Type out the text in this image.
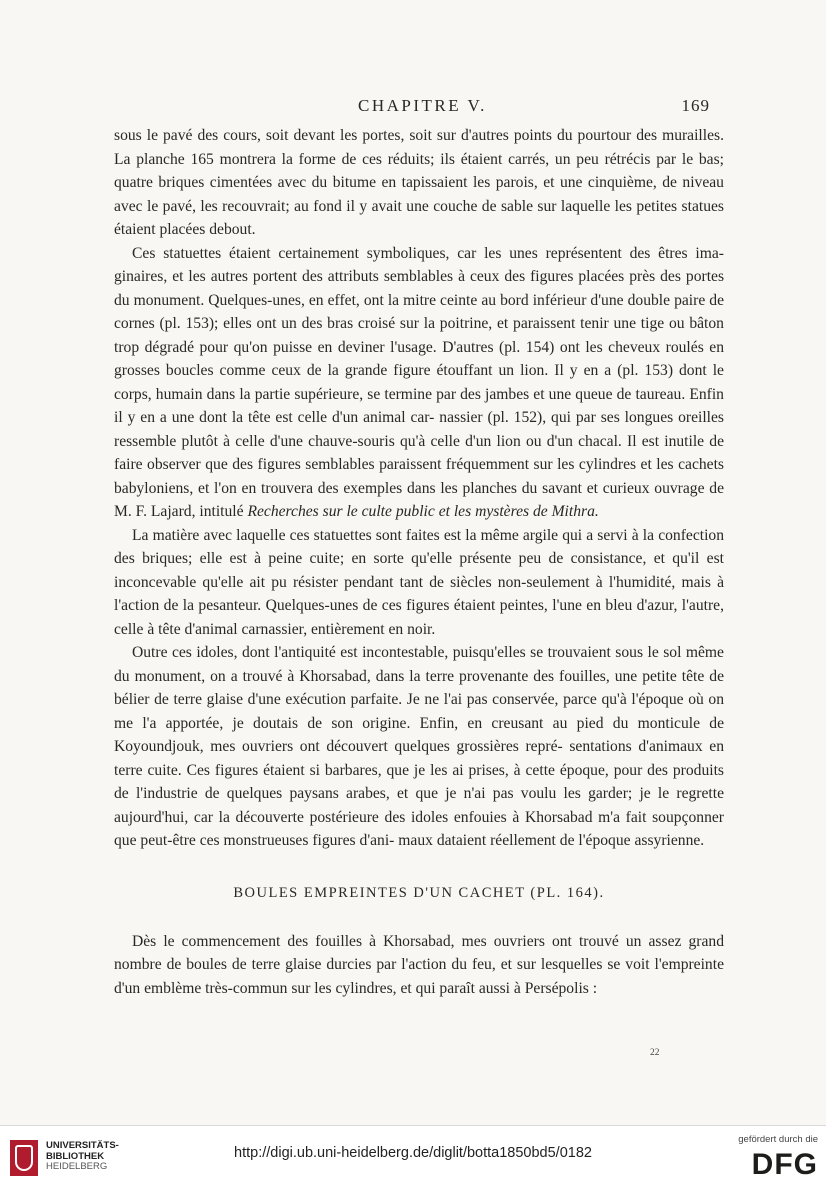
CHAPITRE V.	169

sous le pavé des cours, soit devant les portes, soit sur d'autres points du pourtour des murailles. La planche 165 montrera la forme de ces réduits; ils étaient carrés, un peu rétrécis par le bas; quatre briques cimentées avec du bitume en tapissaient les parois, et une cinquième, de niveau avec le pavé, les recouvrait; au fond il y avait une couche de sable sur laquelle les petites statues étaient placées debout.

Ces statuettes étaient certainement symboliques, car les unes représentent des êtres ima- ginaires, et les autres portent des attributs semblables à ceux des figures placées près des portes du monument. Quelques-unes, en effet, ont la mitre ceinte au bord inférieur d'une double paire de cornes (pl. 153); elles ont un des bras croisé sur la poitrine, et paraissent tenir une tige ou bâton trop dégradé pour qu'on puisse en deviner l'usage. D'autres (pl. 154) ont les cheveux roulés en grosses boucles comme ceux de la grande figure étouffant un lion. Il y en a (pl. 153) dont le corps, humain dans la partie supérieure, se termine par des jambes et une queue de taureau. Enfin il y en a une dont la tête est celle d'un animal car- nassier (pl. 152), qui par ses longues oreilles ressemble plutôt à celle d'une chauve-souris qu'à celle d'un lion ou d'un chacal. Il est inutile de faire observer que des figures semblables paraissent fréquemment sur les cylindres et les cachets babyloniens, et l'on en trouvera des exemples dans les planches du savant et curieux ouvrage de M. F. Lajard, intitulé Recherches sur le culte public et les mystères de Mithra.

La matière avec laquelle ces statuettes sont faites est la même argile qui a servi à la confection des briques; elle est à peine cuite; en sorte qu'elle présente peu de consistance, et qu'il est inconcevable qu'elle ait pu résister pendant tant de siècles non-seulement à l'humidité, mais à l'action de la pesanteur. Quelques-unes de ces figures étaient peintes, l'une en bleu d'azur, l'autre, celle à tête d'animal carnassier, entièrement en noir.

Outre ces idoles, dont l'antiquité est incontestable, puisqu'elles se trouvaient sous le sol même du monument, on a trouvé à Khorsabad, dans la terre provenante des fouilles, une petite tête de bélier de terre glaise d'une exécution parfaite. Je ne l'ai pas conservée, parce qu'à l'époque où on me l'a apportée, je doutais de son origine. Enfin, en creusant au pied du monticule de Koyoundjouk, mes ouvriers ont découvert quelques grossières repré- sentations d'animaux en terre cuite. Ces figures étaient si barbares, que je les ai prises, à cette époque, pour des produits de l'industrie de quelques paysans arabes, et que je n'ai pas voulu les garder; je le regrette aujourd'hui, car la découverte postérieure des idoles enfouies à Khorsabad m'a fait soupçonner que peut-être ces monstrueuses figures d'ani- maux dataient réellement de l'époque assyrienne.

BOULES EMPREINTES D'UN CACHET (PL. 164).

Dès le commencement des fouilles à Khorsabad, mes ouvriers ont trouvé un assez grand nombre de boules de terre glaise durcies par l'action du feu, et sur lesquelles se voit l'empreinte d'un emblème très-commun sur les cylindres, et qui paraît aussi à Persépolis :

22
UNIVERSITÄTS-
BIBLIOTHEK
HEIDELBERG
http://digi.ub.uni-heidelberg.de/diglit/botta1850bd5/0182
gefördert durch die
DFG
